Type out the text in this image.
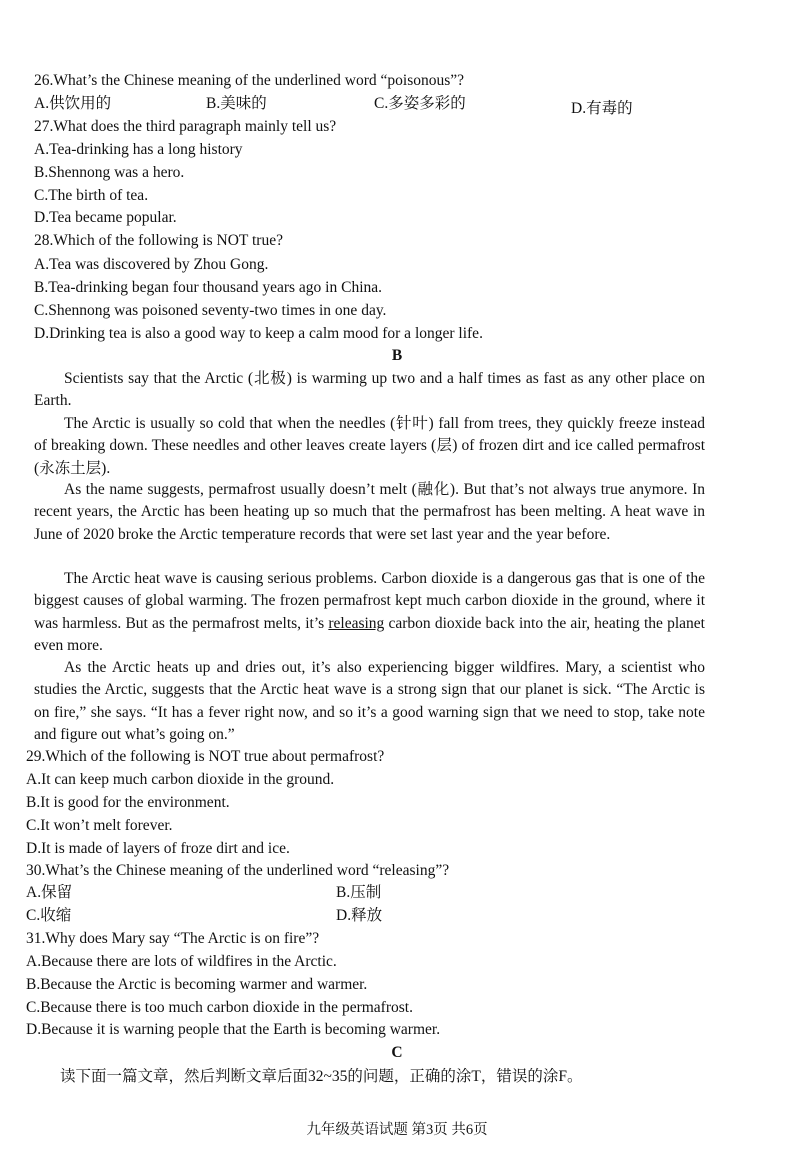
26.What’s the Chinese meaning of the underlined word “poisonous”?
A.供饮用的	B.美味的	C.多姿多彩的	D.有毒的
27.What does the third paragraph mainly tell us?
A.Tea-drinking has a long history
B.Shennong was a hero.
C.The birth of tea.
D.Tea became popular.
28.Which of the following is NOT true?
A.Tea was discovered by Zhou Gong.
B.Tea-drinking began four thousand years ago in China.
C.Shennong was poisoned seventy-two times in one day.
D.Drinking tea is also a good way to keep a calm mood for a longer life.
B
Scientists say that the Arctic (北极) is warming up two and a half times as fast as any other place on Earth.
The Arctic is usually so cold that when the needles (针叶) fall from trees, they quickly freeze instead of breaking down. These needles and other leaves create layers (层) of frozen dirt and ice called permafrost (永冻土层).
As the name suggests, permafrost usually doesn’t melt (融化). But that’s not always true anymore. In recent years, the Arctic has been heating up so much that the permafrost has been melting. A heat wave in June of 2020 broke the Arctic temperature records that were set last year and the year before.
The Arctic heat wave is causing serious problems. Carbon dioxide is a dangerous gas that is one of the biggest causes of global warming. The frozen permafrost kept much carbon dioxide in the ground, where it was harmless. But as the permafrost melts, it’s releasing carbon dioxide back into the air, heating the planet even more.
As the Arctic heats up and dries out, it’s also experiencing bigger wildfires. Mary, a scientist who studies the Arctic, suggests that the Arctic heat wave is a strong sign that our planet is sick. “The Arctic is on fire,” she says. “It has a fever right now, and so it’s a good warning sign that we need to stop, take note and figure out what’s going on.”
29.Which of the following is NOT true about permafrost?
A.It can keep much carbon dioxide in the ground.
B.It is good for the environment.
C.It won’t melt forever.
D.It is made of layers of froze dirt and ice.
30.What’s the Chinese meaning of the underlined word “releasing”?
A.保留	B.压制
C.收缩	D.释放
31.Why does Mary say “The Arctic is on fire”?
A.Because there are lots of wildfires in the Arctic.
B.Because the Arctic is becoming warmer and warmer.
C.Because there is too much carbon dioxide in the permafrost.
D.Because it is warning people that the Earth is becoming warmer.
C
读下面一篇文章，然后判断文章后面32~35的问题，正确的涂T，错误的涂F。
九年级英语试题 第3页 共6页
